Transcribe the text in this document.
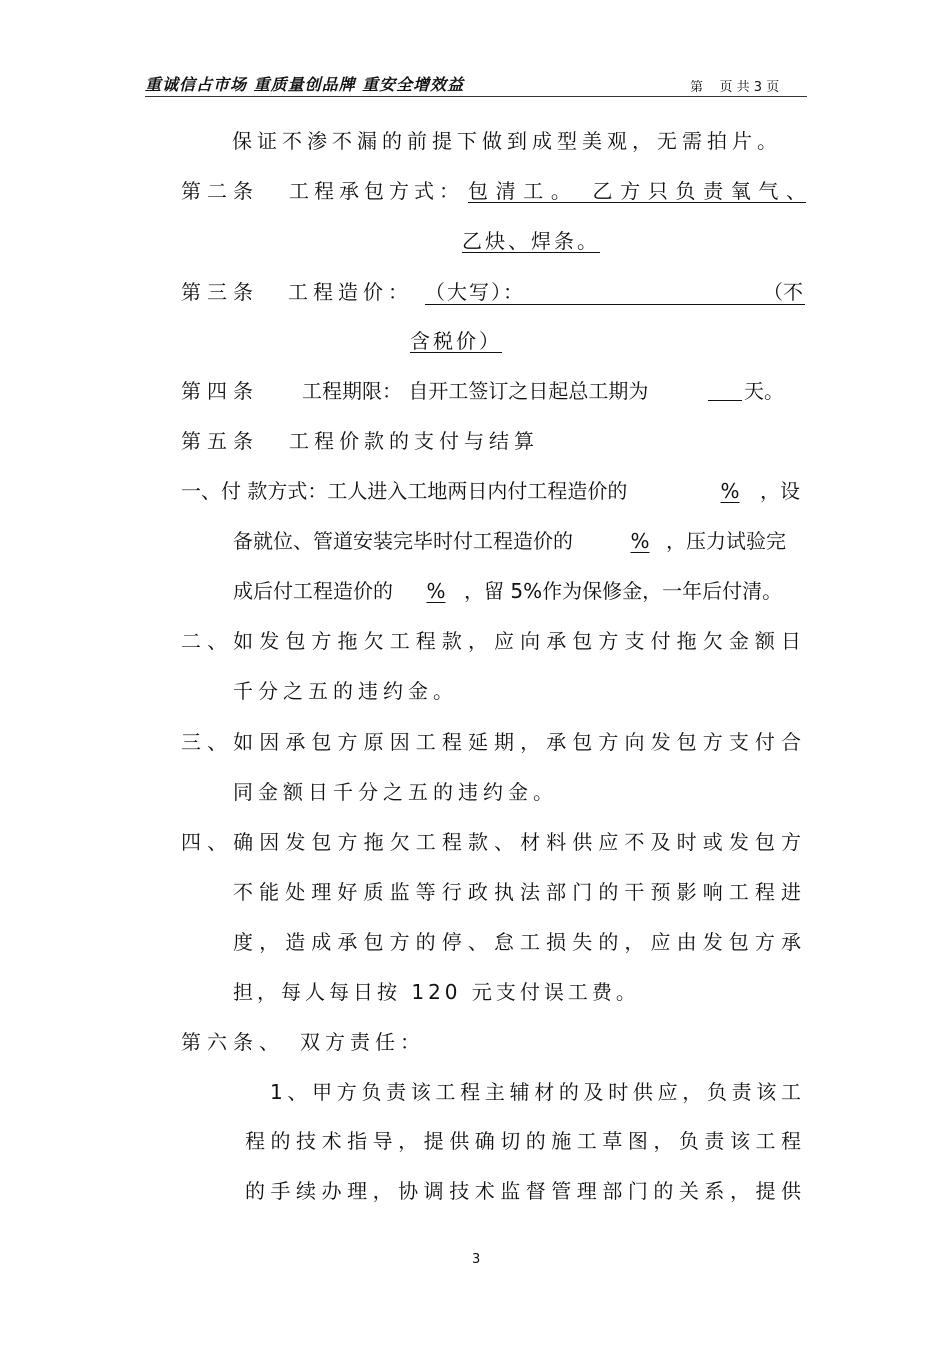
重诚信占市场 重质量创品牌 重安全增效益	第    页 共 3 页
保证不渗不漏的前提下做到成型美观，无需拍片。
第二条 工程承包方式： 包清工。 乙方只负责氧气、
乙炔、焊条。
第三条 工程造价： （大写）：	（不
含税价）
第四条 工程期限： 自开工签订之日起总工期为	天。
第五条 工程价款的支付与结算
一、付 款方式：工人进入工地两日内付工程造价的	%	，设
备就位、管道安装完毕时付工程造价的	% ，压力试验完
成后付工程造价的	% ，留 5%作为保修金，一年后付清。
二、如发包方拖欠工程款，应向承包方支付拖欠金额日
千分之五的违约金。
三、如因承包方原因工程延期，承包方向发包方支付合
同金额日千分之五的违约金。
四、确因发包方拖欠工程款、材料供应不及时或发包方
不能处理好质监等行政执法部门的干预影响工程进
度，造成承包方的停、怠工损失的，应由发包方承
担，每人每日按 120 元支付误工费。
第六条、 双方责任：
1、甲方负责该工程主辅材的及时供应，负责该工
程的技术指导，提供确切的施工草图，负责该工程
的手续办理，协调技术监督管理部门的关系，提供
3
